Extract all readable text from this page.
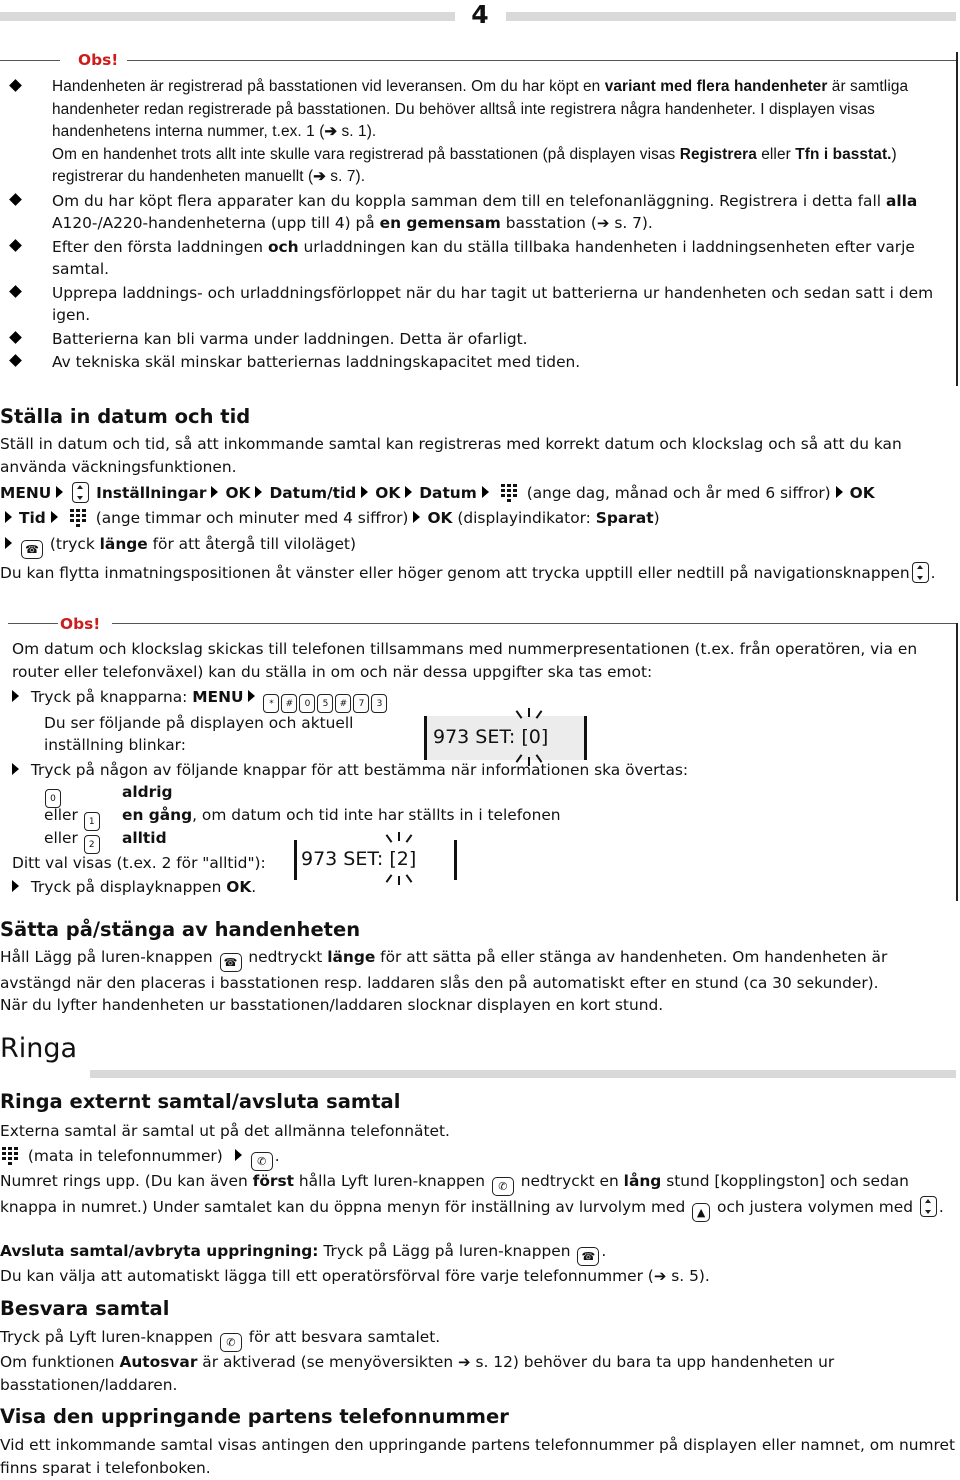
4
Obs!
Handenheten är registrerad på basstationen vid leveransen. Om du har köpt en variant med flera handenheter är samtliga handenheter redan registrerade på basstationen. Du behöver alltså inte registrera några handenheter. I displayen visas handenhetens interna nummer, t.ex. 1 (➔ s. 1).
Om en handenhet trots allt inte skulle vara registrerad på basstationen (på displayen visas Registrera eller Tfn i basstat.) registrerar du handenheten manuellt (➔ s. 7).
Om du har köpt flera apparater kan du koppla samman dem till en telefonanläggning. Registrera i detta fall alla A120-/A220-handenheterna (upp till 4) på en gemensam basstation (➔ s. 7).
Efter den första laddningen och urladdningen kan du ställa tillbaka handenheten i laddningsenheten efter varje samtal.
Upprepa laddnings- och urladdningsförloppet när du har tagit ut batterierna ur handenheten och sedan satt i dem igen.
Batterierna kan bli varma under laddningen. Detta är ofarligt.
Av tekniska skäl minskar batteriernas laddningskapacitet med tiden.
Ställa in datum och tid

Ställ in datum och tid, så att inkommande samtal kan registreras med korrekt datum och klockslag och så att du kan använda väckningsfunktionen.

MENU	Inställningar OK Datum/tid OK Datum	(ange dag, månad och år med 6 siffror) OK
Tid	(ange timmar och minuter med 4 siffror) OK (displayindikator: Sparat)
☎ (tryck länge för att återgå till viloläget)

Du kan flytta inmatningspositionen åt vänster eller höger genom att trycka upptill eller nedtill på navigationsknappen .

Obs!

Om datum och klockslag skickas till telefonen tillsammans med nummerpresentationen (t.ex. från operatören, via en router eller telefonväxel) kan du ställa in om och när dessa uppgifter ska tas emot:

Tryck på knapparna: MENU	* # 0 5 # 7 3
Du ser följande på displayen och aktuell
inställning blinkar:	973 SET: [0]
Tryck på någon av följande knappar för att bestämma när informationen ska övertas:
0	aldrig
eller 1 en gång, om datum och tid inte har ställts in i telefonen
eller 2 alltid
Ditt val visas (t.ex. 2 för "alltid"):	973 SET: [2]
Tryck på displayknappen OK.
Sätta på/stänga av handenheten

Håll Lägg på luren-knappen ☎ nedtryckt länge för att sätta på eller stänga av handenheten. Om handenheten är avstängd när den placeras i basstationen resp. laddaren slås den på automatiskt efter en stund (ca 30 sekunder).

När du lyfter handenheten ur basstationen/laddaren slocknar displayen en kort stund.

Ringa
Ringa externt samtal/avsluta samtal

Externa samtal är samtal ut på det allmänna telefonnätet.

(mata in telefonnummer)	✆ .

Numret rings upp. (Du kan även först hålla Lyft luren-knappen ✆ nedtryckt en lång stund [kopplingston] och sedan knappa in numret.) Under samtalet kan du öppna menyn för inställning av lurvolym med ▲ och justera volymen med .

Avsluta samtal/avbryta uppringning: Tryck på Lägg på luren-knappen ☎ .

Du kan välja att automatiskt lägga till ett operatörsförval före varje telefonnummer (➔ s. 5).

Besvara samtal

Tryck på Lyft luren-knappen ✆ för att besvara samtalet.

Om funktionen Autosvar är aktiverad (se menyöversikten ➔ s. 12) behöver du bara ta upp handenheten ur basstationen/laddaren.

Visa den uppringande partens telefonnummer

Vid ett inkommande samtal visas antingen den uppringande partens telefonnummer på displayen eller namnet, om numret finns sparat i telefonboken.
